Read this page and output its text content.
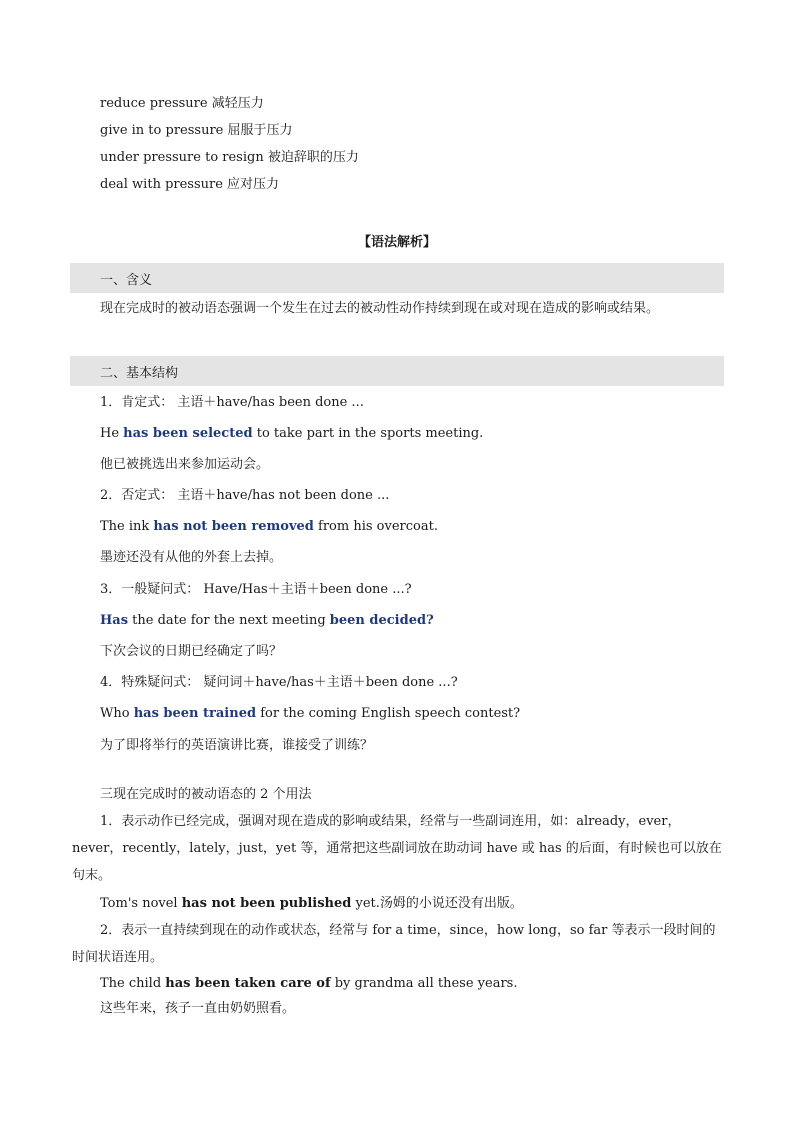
reduce pressure 减轻压力
give in to pressure 屈服于压力
under pressure to resign 被迫辞职的压力
deal with pressure 应对压力
【语法解析】
一、含义
现在完成时的被动语态强调一个发生在过去的被动性动作持续到现在或对现在造成的影响或结果。
二、基本结构
1．肯定式： 主语＋have/has been done ...
He has been selected to take part in the sports meeting.
他已被挑选出来参加运动会。
2．否定式： 主语＋have/has not been done ...
The ink has not been removed from his overcoat.
墨迹还没有从他的外套上去掉。
3．一般疑问式： Have/Has＋主语＋been done ...?
Has the date for the next meeting been decided?
下次会议的日期已经确定了吗？
4．特殊疑问式： 疑问词＋have/has＋主语＋been done ...?
Who has been trained for the coming English speech contest?
为了即将举行的英语演讲比赛，谁接受了训练？
三现在完成时的被动语态的 2 个用法
1．表示动作已经完成，强调对现在造成的影响或结果，经常与一些副词连用，如：already，ever，never，recently，lately，just，yet 等，通常把这些副词放在助动词 have 或 has 的后面，有时候也可以放在句末。
Tom's novel has not been published yet.汤姆的小说还没有出版。
2．表示一直持续到现在的动作或状态，经常与 for a time，since，how long，so far 等表示一段时间的时间状语连用。
The child has been taken care of by grandma all these years.
这些年来，孩子一直由奶奶照看。
